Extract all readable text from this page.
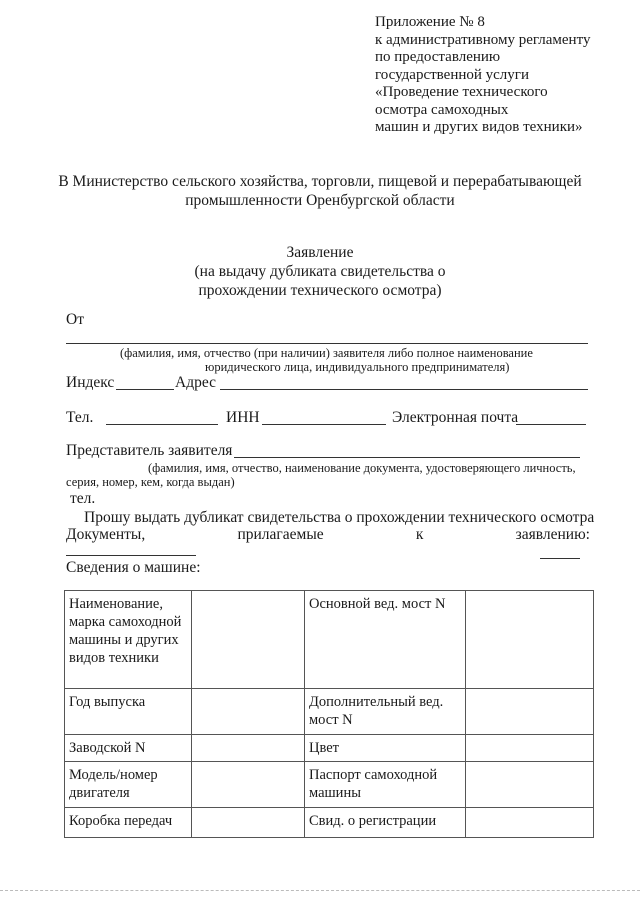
Приложение № 8
к административному регламенту
по предоставлению
государственной услуги
«Проведение технического
осмотра самоходных
машин и других видов техники»
В Министерство сельского хозяйства, торговли, пищевой и перерабатывающей
промышленности Оренбургской области
Заявление
(на выдачу дубликата свидетельства о
прохождении технического осмотра)
От
(фамилия, имя, отчество (при наличии) заявителя либо полное наименование
юридического лица, индивидуального предпринимателя)
Индекс	Адрес
Тел.	ИНН	Электронная почта
Представитель заявителя
(фамилия, имя, отчество, наименование документа, удостоверяющего личность,
серия, номер, кем, когда выдан)
тел.
Прошу выдать дубликат свидетельства о прохождении технического осмотра
Документы,	прилагаемые	к	заявлению:
Сведения о машине:
Наименование, марка самоходной машины и других видов техники		Основной вед. мост N	
Год выпуска		Дополнительный вед. мост N	
Заводской N		Цвет	
Модель/номер двигателя		Паспорт самоходной машины	
Коробка передач		Свид. о регистрации	
